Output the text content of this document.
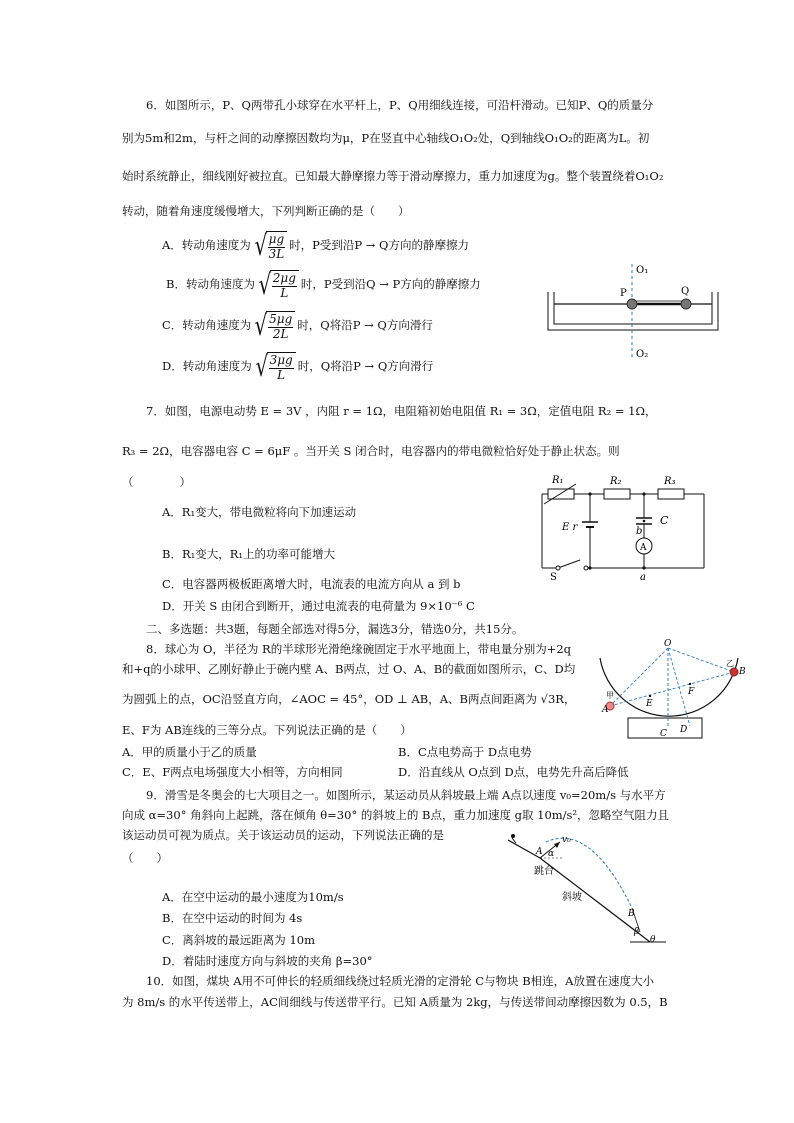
6．如图所示，P、Q两带孔小球穿在水平杆上，P、Q用细线连接，可沿杆滑动。已知P、Q的质量分
别为5m和2m，与杆之间的动摩擦因数均为μ，P在竖直中心轴线O₁O₂处，Q到轴线O₁O₂的距离为L。初
始时系统静止，细线刚好被拉直。已知最大静摩擦力等于滑动摩擦力，重力加速度为g。整个装置绕着O₁O₂
转动，随着角速度缓慢增大，下列判断正确的是（　　）
A．转动角速度为 √
$\frac{\mu g}{3L}$ 时，P受到沿P → Q方向的静摩擦力
B．转动角速度为 √
$\frac{2\mu g}{L}$ 时，P受到沿Q → P方向的静摩擦力
C．转动角速度为 √
$\frac{5\mu g}{2L}$ 时，Q将沿P → Q方向滑行
D．转动角速度为 √
$\frac{3\mu g}{L}$ 时，Q将沿P → Q方向滑行
O₁
O₂
P	Q
7．如图，电源电动势 E = 3V ，内阻 r = 1Ω，电阻箱初始电阻值 R₁ = 3Ω，定值电阻 R₂ = 1Ω，
R₃ = 2Ω，电容器电容 C = 6μF 。当开关 S 闭合时，电容器内的带电微粒恰好处于静止状态。则
（　　　　）
A．R₁变大，带电微粒将向下加速运动
B．R₁变大，R₁上的功率可能增大
C．电容器两极板距离增大时，电流表的电流方向从 a 到 b
D．开关 S 由闭合到断开，通过电流表的电荷量为 9×10⁻⁶ C
R₁	R₂	R₃
C
b
a
E r
S
A
二、多选题：共3题，每题全部选对得5分，漏选3分，错选0分，共15分。
8．球心为 O，半径为 R的半球形光滑绝缘碗固定于水平地面上，带电量分别为+2q
和+q的小球甲、乙刚好静止于碗内壁 A、B两点，过 O、A、B的截面如图所示，C、D均
为圆弧上的点，OC沿竖直方向，∠AOC = 45°，OD ⊥ AB，A、B两点间距离为 √3R，
E、F为 AB连线的三等分点。下列说法正确的是（　　）
A．甲的质量小于乙的质量	B．C点电势高于 D点电势
C．E、F两点电场强度大小相等，方向相同	D．沿直线从 O点到 D点，电势先升高后降低
O
A
B
C D
E
F
甲
乙
9．滑雪是冬奥会的七大项目之一。如图所示，某运动员从斜坡最上端 A点以速度 v₀=20m/s 与水平方
向成 α=30° 角斜向上起跳，落在倾角 θ=30° 的斜坡上的 B点，重力加速度 g取 10m/s²，忽略空气阻力且
该运动员可视为质点。关于该运动员的运动，下列说法正确的是
（　　）
A．在空中运动的最小速度为10m/s
B．在空中运动的时间为 4s
C．离斜坡的最远距离为 10m
D．着陆时速度方向与斜坡的夹角 β=30°
A
B
v₀
α
β
θ
跳台
斜坡
10．如图，煤块 A用不可伸长的轻质细线绕过轻质光滑的定滑轮 C与物块 B相连，A放置在速度大小
为 8m/s 的水平传送带上，AC间细线与传送带平行。已知 A质量为 2kg，与传送带间动摩擦因数为 0.5，B
